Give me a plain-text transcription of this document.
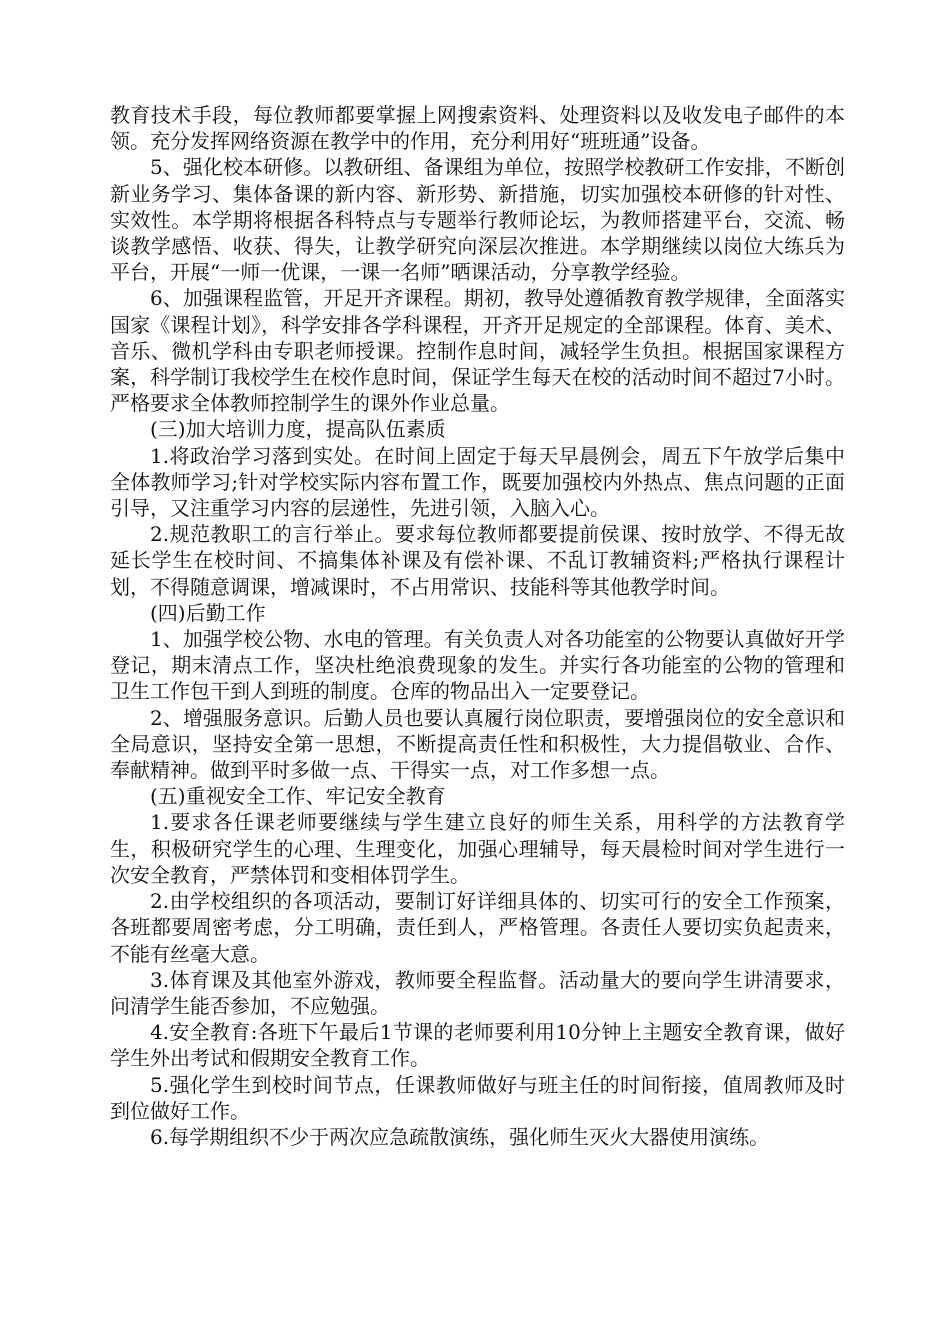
教育技术手段，每位教师都要掌握上网搜索资料、处理资料以及收发电子邮件的本领。充分发挥网络资源在教学中的作用，充分利用好“班班通”设备。

5、强化校本研修。以教研组、备课组为单位，按照学校教研工作安排，不断创新业务学习、集体备课的新内容、新形势、新措施，切实加强校本研修的针对性、实效性。本学期将根据各科特点与专题举行教师论坛，为教师搭建平台，交流、畅谈教学感悟、收获、得失，让教学研究向深层次推进。本学期继续以岗位大练兵为平台，开展“一师一优课，一课一名师”晒课活动，分享教学经验。

6、加强课程监管，开足开齐课程。期初，教导处遵循教育教学规律，全面落实国家《课程计划》，科学安排各学科课程，开齐开足规定的全部课程。体育、美术、音乐、微机学科由专职老师授课。控制作息时间，减轻学生负担。根据国家课程方案，科学制订我校学生在校作息时间，保证学生每天在校的活动时间不超过7小时。严格要求全体教师控制学生的课外作业总量。

(三)加大培训力度，提高队伍素质

1.将政治学习落到实处。在时间上固定于每天早晨例会，周五下午放学后集中全体教师学习;针对学校实际内容布置工作，既要加强校内外热点、焦点问题的正面引导，又注重学习内容的层递性，先进引领，入脑入心。

2.规范教职工的言行举止。要求每位教师都要提前侯课、按时放学、不得无故延长学生在校时间、不搞集体补课及有偿补课、不乱订教辅资料;严格执行课程计划，不得随意调课，增减课时，不占用常识、技能科等其他教学时间。

(四)后勤工作

1、加强学校公物、水电的管理。有关负责人对各功能室的公物要认真做好开学登记，期末清点工作，坚决杜绝浪费现象的发生。并实行各功能室的公物的管理和卫生工作包干到人到班的制度。仓库的物品出入一定要登记。

2、增强服务意识。后勤人员也要认真履行岗位职责，要增强岗位的安全意识和全局意识，坚持安全第一思想，不断提高责任性和积极性，大力提倡敬业、合作、奉献精神。做到平时多做一点、干得实一点，对工作多想一点。

(五)重视安全工作、牢记安全教育

1.要求各任课老师要继续与学生建立良好的师生关系，用科学的方法教育学生，积极研究学生的心理、生理变化，加强心理辅导，每天晨检时间对学生进行一次安全教育，严禁体罚和变相体罚学生。

2.由学校组织的各项活动，要制订好详细具体的、切实可行的安全工作预案，各班都要周密考虑，分工明确，责任到人，严格管理。各责任人要切实负起责来，不能有丝毫大意。

3.体育课及其他室外游戏，教师要全程监督。活动量大的要向学生讲清要求，问清学生能否参加，不应勉强。

4.安全教育:各班下午最后1节课的老师要利用10分钟上主题安全教育课，做好学生外出考试和假期安全教育工作。

5.强化学生到校时间节点，任课教师做好与班主任的时间衔接，值周教师及时到位做好工作。

6.每学期组织不少于两次应急疏散演练，强化师生灭火大器使用演练。
